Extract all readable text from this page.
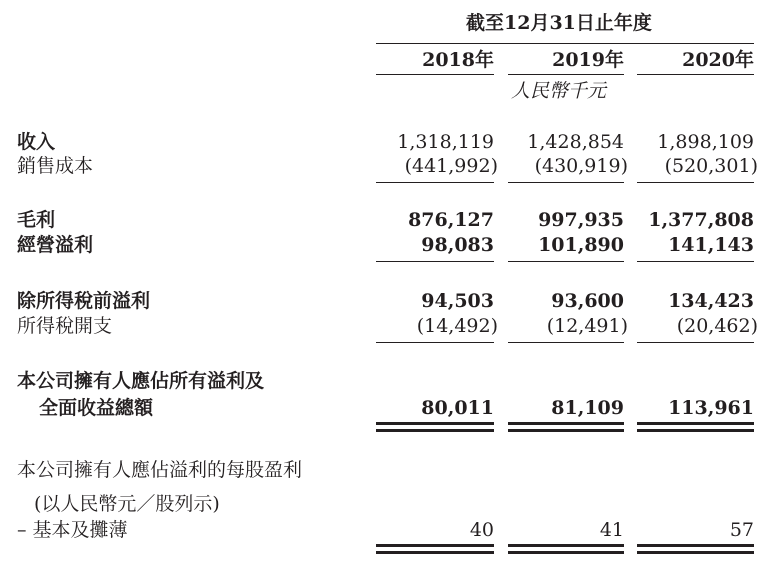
截至12月31日止年度
2018年	2019年	2020年
人民幣千元
收入	1,318,119 1,428,854 1,898,109
銷售成本	(441,992) (430,919) (520,301)
毛利	876,127 997,935 1,377,808
經營溢利	98,083 101,890 141,143
除所得稅前溢利	94,503	93,600 134,423
所得稅開支	(14,492)	(12,491)	(20,462)
本公司擁有人應佔所有溢利及
全面收益總額	80,011	81,109 113,961
本公司擁有人應佔溢利的每股盈利
(以人民幣元／股列示)
– 基本及攤薄	40	41	57
